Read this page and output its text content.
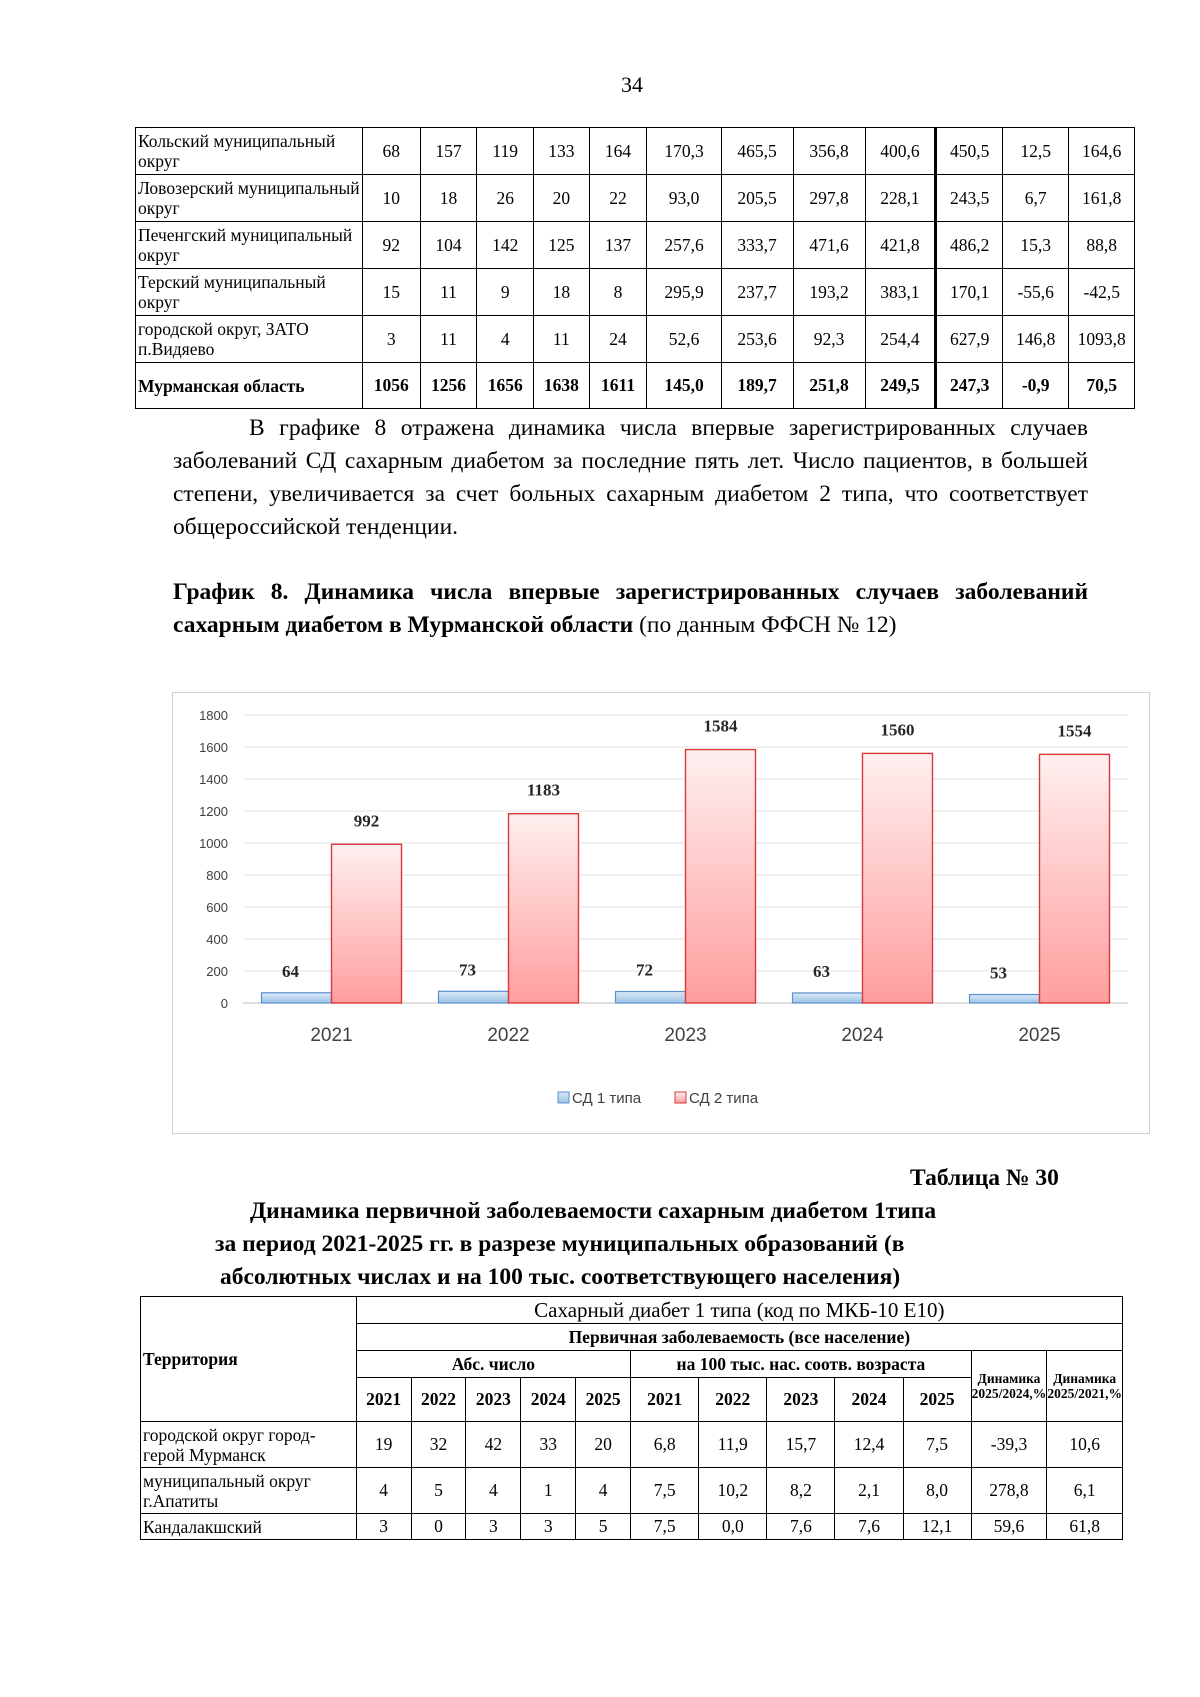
34
Кольский муниципальный округ	68	157	119	133	164	170,3	465,5	356,8	400,6	450,5	12,5	164,6
Ловозерский муниципальный округ	10	18	26	20	22	93,0	205,5	297,8	228,1	243,5	6,7	161,8
Печенгский муниципальный округ	92	104	142	125	137	257,6	333,7	471,6	421,8	486,2	15,3	88,8
Терский муниципальный округ	15	11	9	18	8	295,9	237,7	193,2	383,1	170,1	-55,6	-42,5
городской округ, ЗАТО п.Видяево	3	11	4	11	24	52,6	253,6	92,3	254,4	627,9	146,8	1093,8
Мурманская область	1056	1256	1656	1638	1611	145,0	189,7	251,8	249,5	247,3	-0,9	70,5

В графике 8 отражена динамика числа впервые зарегистрированных случаев заболеваний СД сахарным диабетом за последние пять лет. Число пациентов, в большей степени, увеличивается за счет больных сахарным диабетом 2 типа, что соответствует общероссийской тенденции.

График 8. Динамика числа впервые зарегистрированных случаев заболеваний сахарным диабетом в Мурманской области (по данным ФФСН № 12)

0
200
400
600
800
1000
1200
1400
1600
1800
64
992
2021
73
1183
2022
72
1584
2023
63
1560
2024
53
1554
2025
СД 1 типа	СД 2 типа
Таблица № 30
Динамика первичной заболеваемости сахарным диабетом 1типа
за период 2021-2025 гг. в разрезе муниципальных образований (в
абсолютных числах и на 100 тыс. соответствующего населения)
Территория	Сахарный диабет 1 типа (код по МКБ-10 Е10)											
	Первичная заболеваемость (все население)											
	Абс. число					на 100 тыс. нас. соотв. возраста					Динамика 2025/2024,%	Динамика 2025/2021,%
	2021	2022	2023	2024	2025	2021	2022	2023	2024	2025		
городской округ город-герой Мурманск	19	32	42	33	20	6,8	11,9	15,7	12,4	7,5	-39,3	10,6
муниципальный округ г.Апатиты	4	5	4	1	4	7,5	10,2	8,2	2,1	8,0	278,8	6,1
Кандалакшский	3	0	3	3	5	7,5	0,0	7,6	7,6	12,1	59,6	61,8
